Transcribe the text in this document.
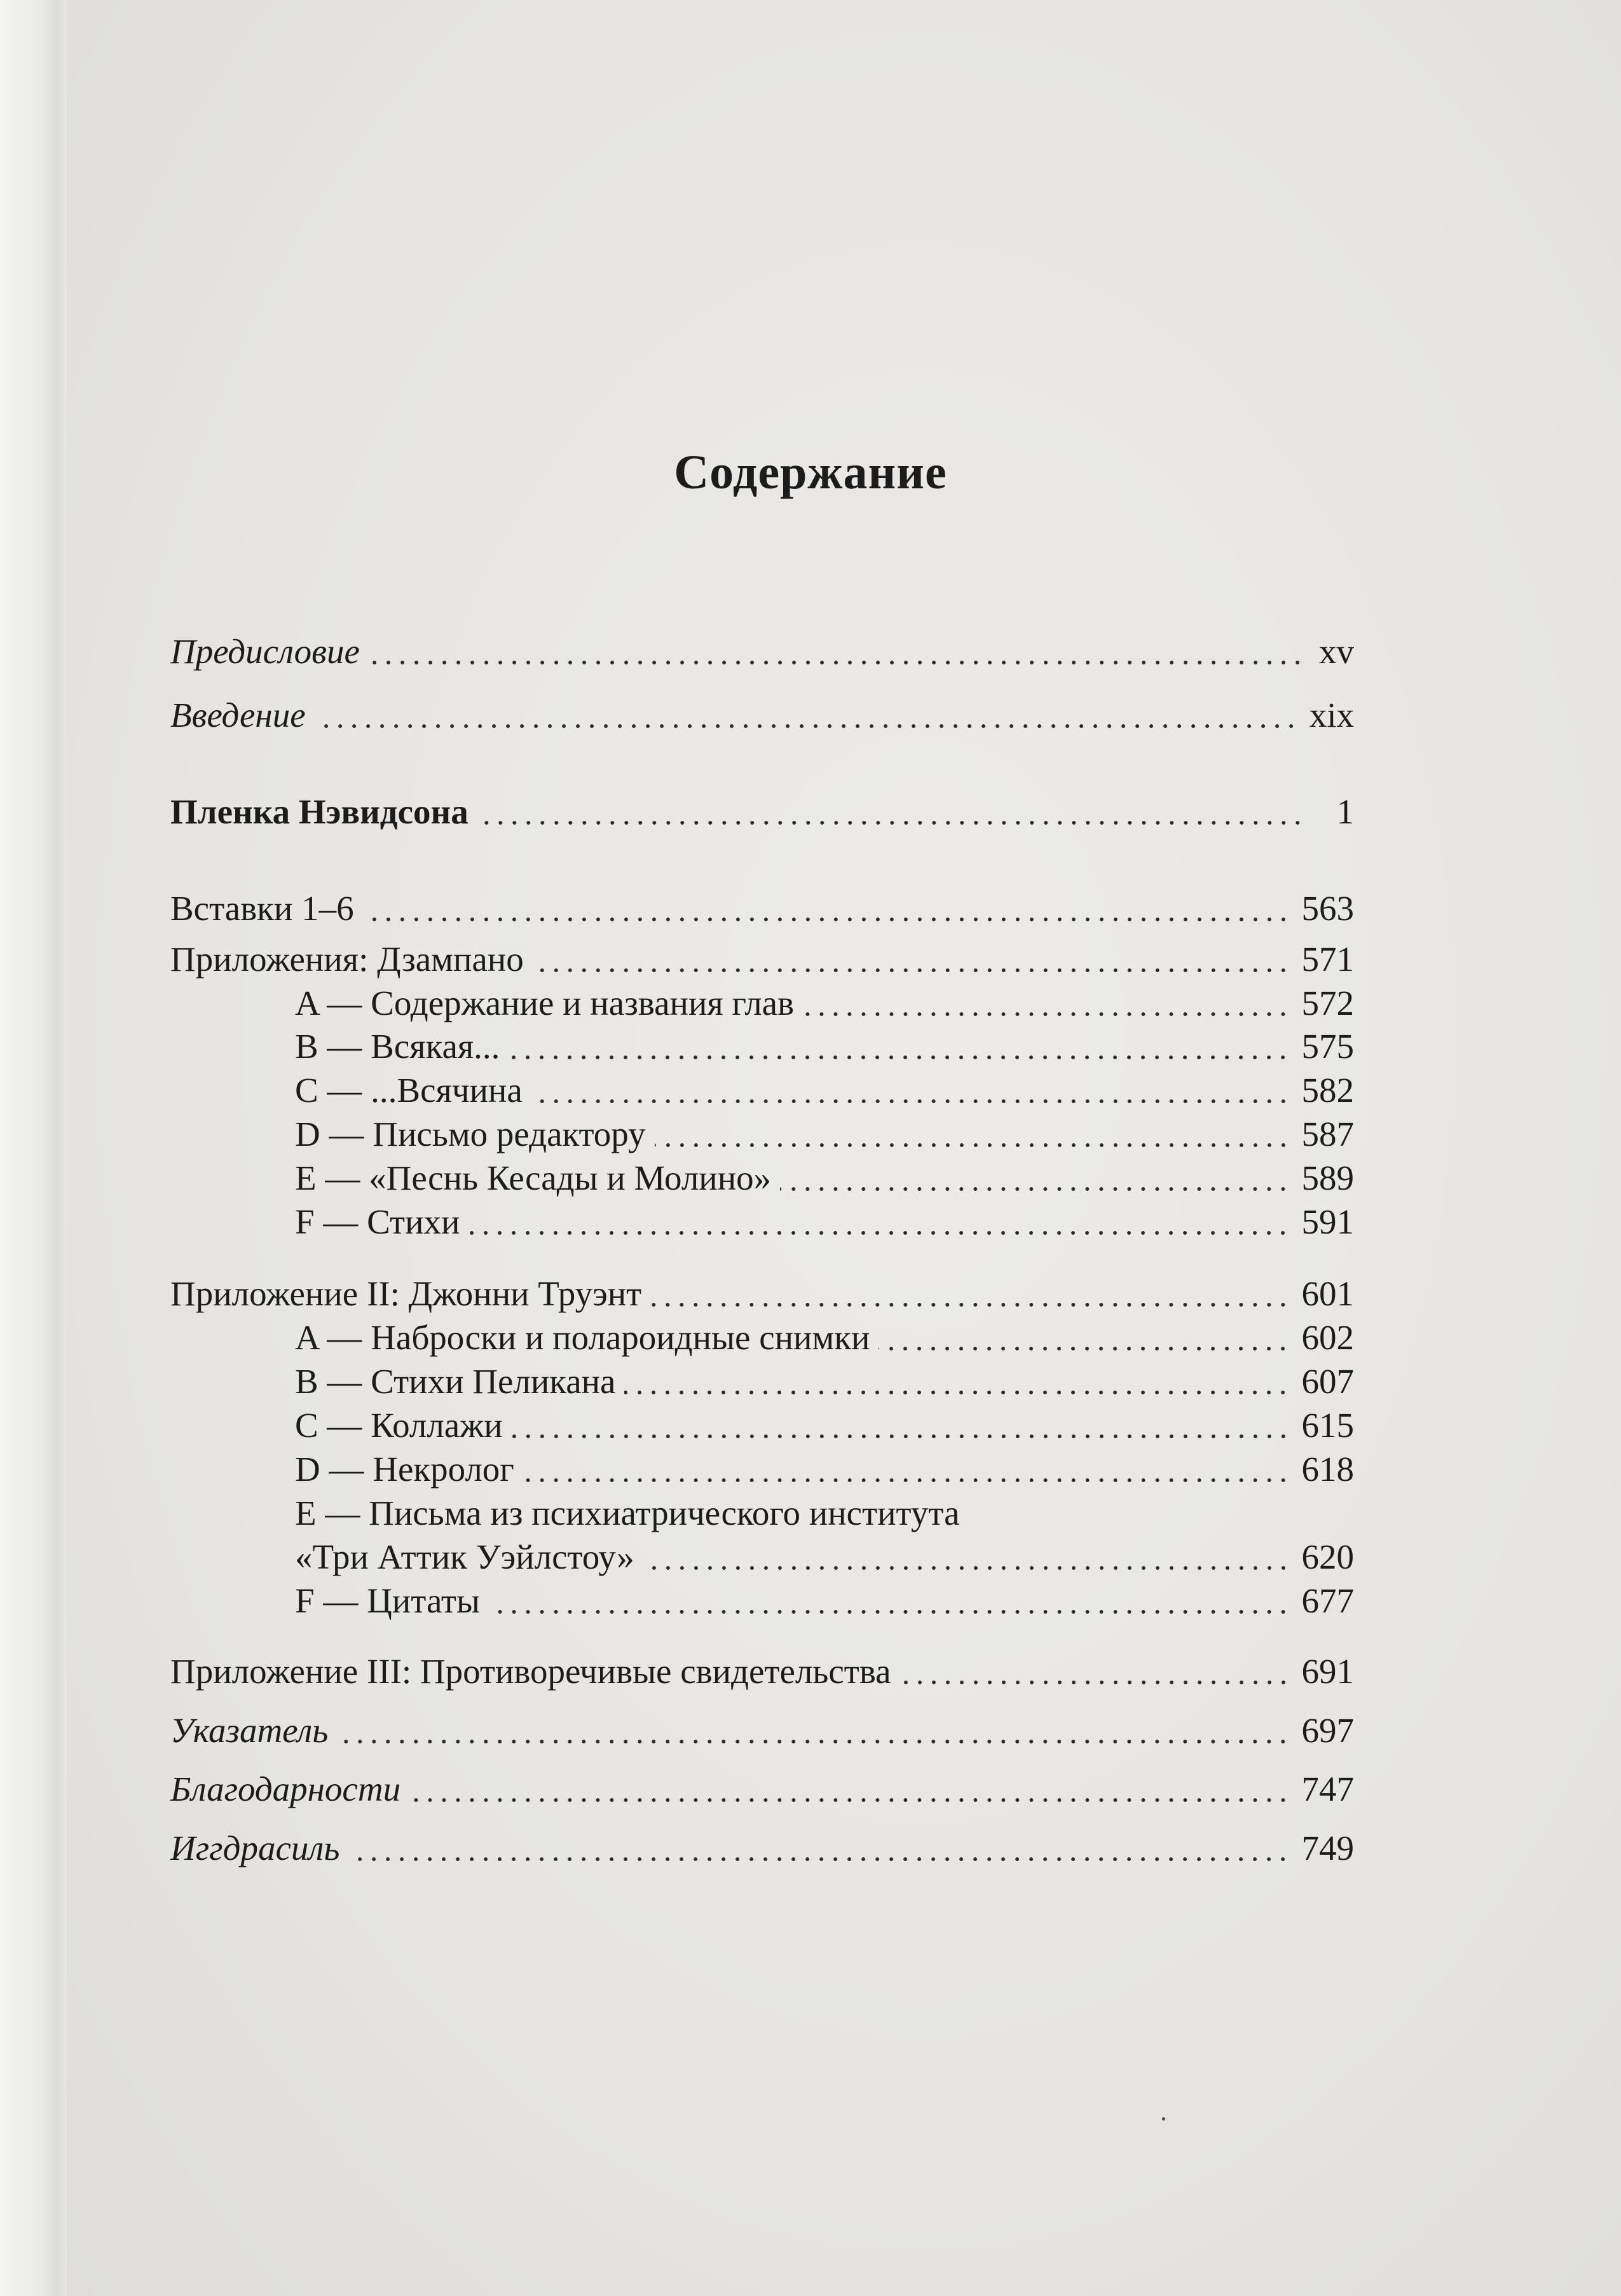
Содержание
Предисловие	xv
Введение	xix
Пленка Нэвидсона	1
Вставки 1–6	563
Приложения: Дзампано	571
A — Содержание и названия глав	572
B — Всякая...	575
C — ...Всячина	582
D — Письмо редактору	587
E — «Песнь Кесады и Молино»	589
F — Стихи	591
Приложение II: Джонни Труэнт	601
A — Наброски и полароидные снимки	602
B — Стихи Пеликана	607
C — Коллажи	615
D — Некролог	618
E — Письма из психиатрического института
«Три Аттик Уэйлстоу»	620
F — Цитаты	677
Приложение III: Противоречивые свидетельства	691
Указатель	697
Благодарности	747
Иггдрасиль	749
